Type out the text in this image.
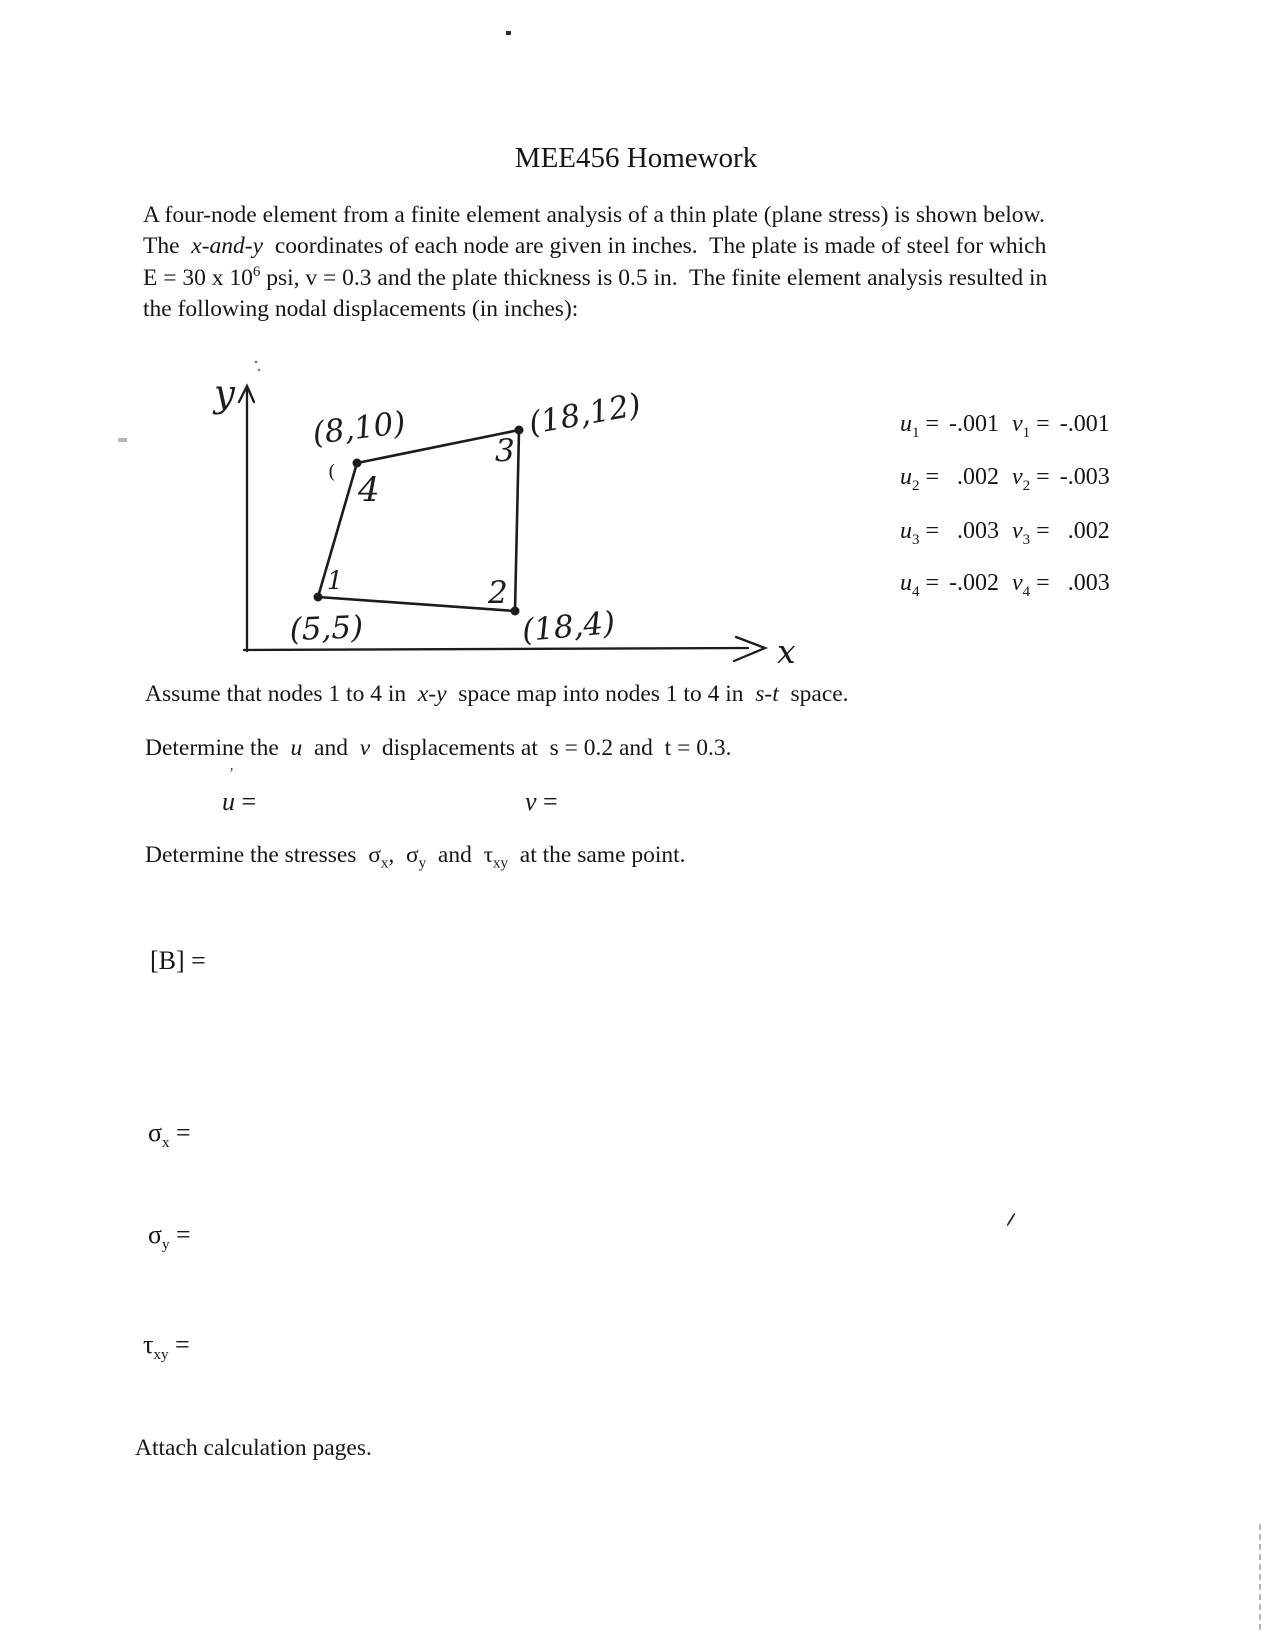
MEE456 Homework
A four-node element from a finite element analysis of a thin plate (plane stress) is shown below.
The  x-and-y  coordinates of each node are given in inches.  The plate is made of steel for which
E = 30 x $10^6$ psi, v = 0.3 and the plate thickness is 0.5 in.  The finite element analysis resulted in
the following nodal displacements (in inches):
y
x
1	2
3
4
(5,5)	(18,4)
(18,12)
(8,10)
(
$u_1 = -.001$ $v_1 = -.001$
$u_2 = .002$ $v_2 = -.003$
$u_3 = .003$ $v_3 = .002$
$u_4 = -.002$ $v_4 = .003$
Assume that nodes 1 to 4 in  x-y  space map into nodes 1 to 4 in  s-t  space.
Determine the  u  and  v  displacements at  s = 0.2 and  t = 0.3.
ʼ
u =	v =
Determine the stresses  $\sigma_x$,  $\sigma_y$  and  $\tau_{xy}$  at the same point.
[B] =
$\sigma_x$ =
$\sigma_y$ =
$\tau_{xy}$ =
Attach calculation pages.
